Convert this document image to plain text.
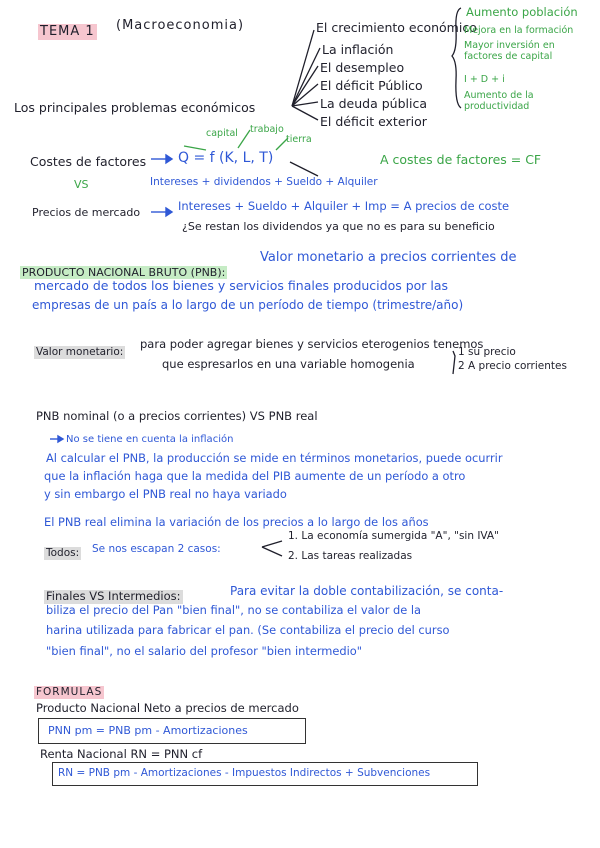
TEMA 1 (Macroeconomia)	El crecimiento económico
La inflación
El desempleo
El déficit Público
La deuda pública
El déficit exterior
Los principales problemas económicos
Aumento población
Mejora en la formación
Mayor inversión en factores de capital
I + D + i
Aumento de la productividad
capital trabajo
tierra
Costes de factores Q = f (K, L, T)
VS	Intereses + dividendos + Sueldo + Alquiler
A costes de factores = CF
Precios de mercado	Intereses + Sueldo + Alquiler + Imp = A precios de coste
¿Se restan los dividendos ya que no es para su beneficio
PRODUCTO NACIONAL BRUTO (PNB):
Valor monetario a precios corrientes de
mercado de todos los bienes y servicios finales producidos por las
empresas de un país a lo largo de un período de tiempo (trimestre/año)
Valor monetario:
para poder agregar bienes y servicios eterogenios tenemos
que espresarlos en una variable homogenia
1 su precio
2 A precio corrientes
PNB nominal (o a precios corrientes) VS PNB real
No se tiene en cuenta la inflación
Al calcular el PNB, la producción se mide en términos monetarios, puede ocurrir
que la inflación haga que la medida del PIB aumente de un período a otro
y sin embargo el PNB real no haya variado
El PNB real elimina la variación de los precios a lo largo de los años
Todos: Se nos escapan 2 casos:
1. La economía sumergida "A", "sin IVA"
2. Las tareas realizadas
Finales VS Intermedios:	Para evitar la doble contabilización, se conta-
biliza el precio del Pan "bien final", no se contabiliza el valor de la
harina utilizada para fabricar el pan. (Se contabiliza el precio del curso
"bien final", no el salario del profesor "bien intermedio"
FORMULAS
Producto Nacional Neto a precios de mercado
PNN pm = PNB pm - Amortizaciones
Renta Nacional RN = PNN cf
RN = PNB pm - Amortizaciones - Impuestos Indirectos + Subvenciones
